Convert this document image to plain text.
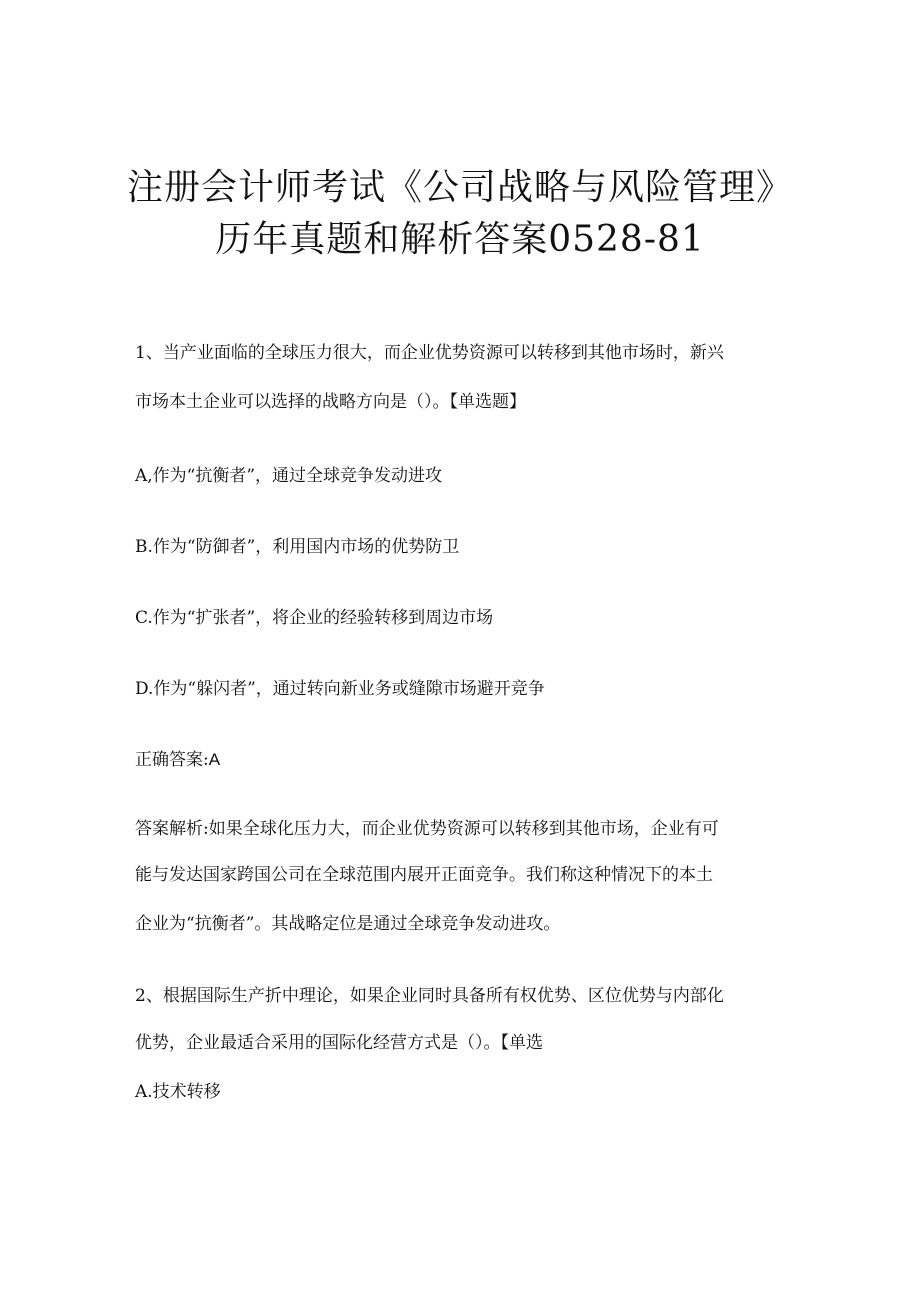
注册会计师考试《公司战略与风险管理》
历年真题和解析答案0528-81
1、当产业面临的全球压力很大，而企业优势资源可以转移到其他市场时，新兴
市场本土企业可以选择的战略方向是（）。【单选题】
A,作为“抗衡者”，通过全球竞争发动进攻
B.作为“防御者”，利用国内市场的优势防卫
C.作为“扩张者”，将企业的经验转移到周边市场
D.作为“躲闪者”，通过转向新业务或缝隙市场避开竞争
正确答案:A
答案解析:如果全球化压力大，而企业优势资源可以转移到其他市场，企业有可
能与发达国家跨国公司在全球范围内展开正面竞争。我们称这种情况下的本土
企业为“抗衡者”。其战略定位是通过全球竞争发动进攻。
2、根据国际生产折中理论，如果企业同时具备所有权优势、区位优势与内部化
优势，企业最适合采用的国际化经营方式是（）。【单选
A.技术转移
